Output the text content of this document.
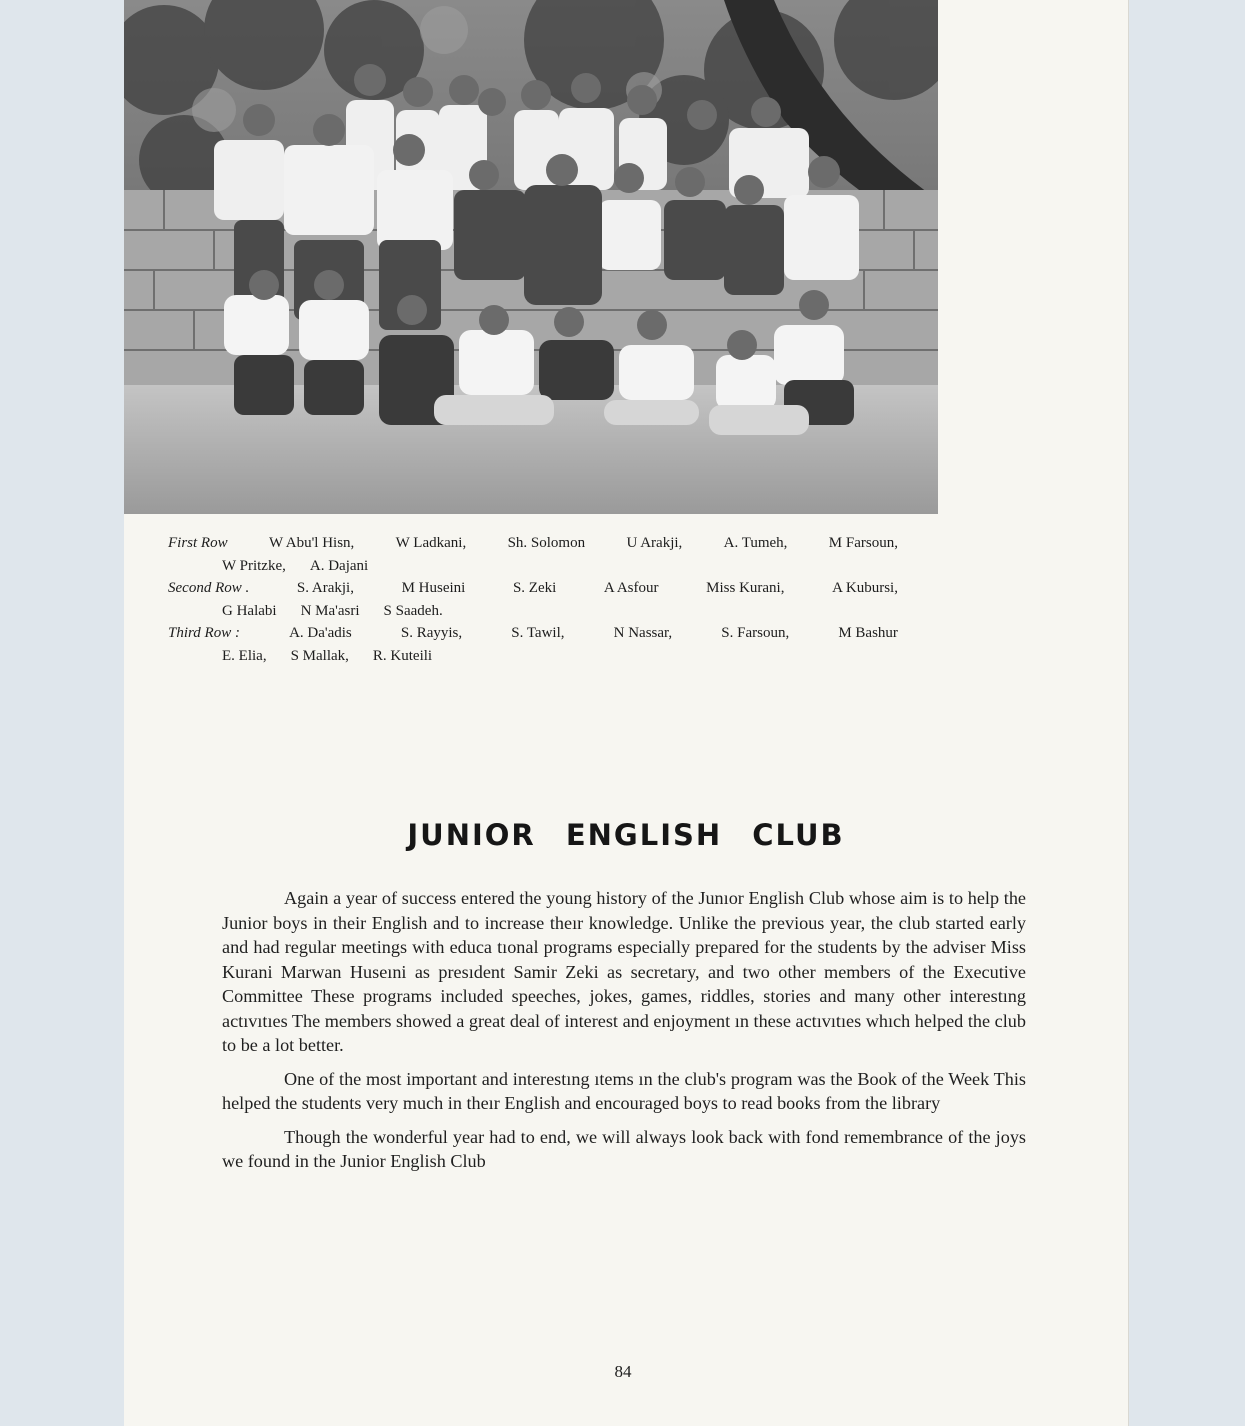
First Row	W Abu'l Hisn,	W Ladkani,	Sh. Solomon	U Arakji,	A. Tumeh,	M Farsoun,
W Pritzke, A. Dajani
Second Row .	S. Arakji,	M Huseini	S. Zeki	A Asfour	Miss Kurani,	A Kubursi,
G Halabi N Ma'asri S Saadeh.
Third Row :	A. Da'adis	S. Rayyis,	S. Tawil,	N Nassar,	S. Farsoun,	M Bashur
E. Elia, S Mallak, R. Kuteili
JUNIOR ENGLISH CLUB

Again a year of success entered the young history of the Junıor English Club whose aim is to help the Junior boys in their English and to increase theır knowledge. Unlike the previous year, the club started early and had regular meetings with educa tıonal programs especially prepared for the students by the adviser Miss Kurani Marwan Huseıni as presıdent Samir Zeki as secretary, and two other members of the Executive Committee These programs included speeches, jokes, games, riddles, stories and many other interestıng actıvıtıes The members showed a great deal of interest and enjoyment ın these actıvıtıes whıch helped the club to be a lot better.

One of the most important and interestıng ıtems ın the club's program was the Book of the Week This helped the students very much in theır English and encouraged boys to read books from the library

Though the wonderful year had to end, we will always look back with fond remembrance of the joys we found in the Junior English Club

84
